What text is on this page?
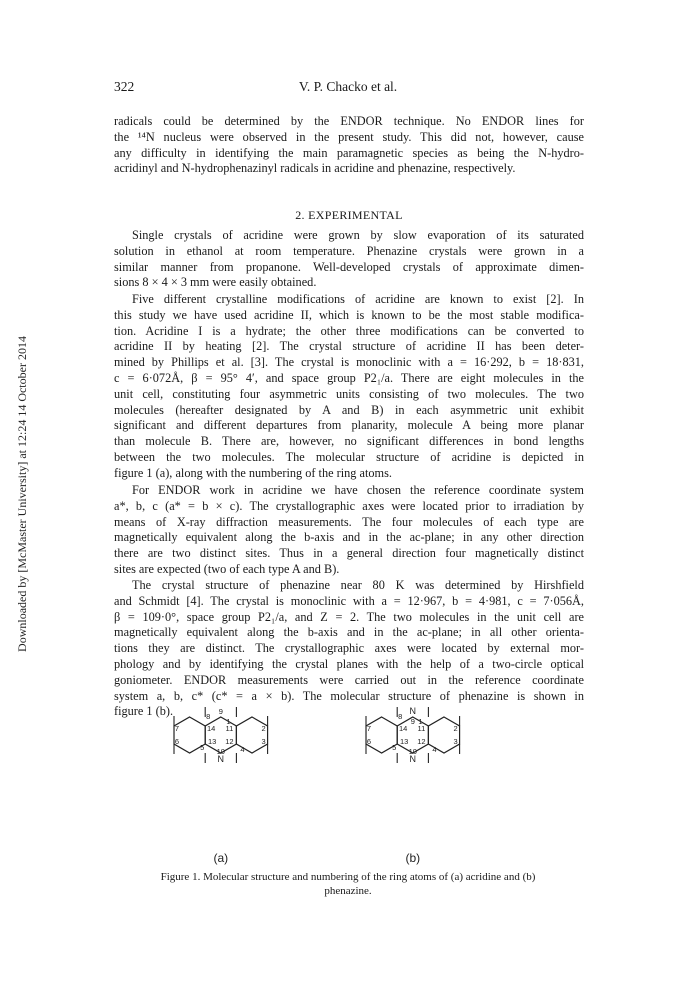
Downloaded by [McMaster University] at 12:24 14 October 2014
322	V. P. Chacko et al.
radicals could be determined by the ENDOR technique. No ENDOR lines for
the ¹⁴N nucleus were observed in the present study. This did not, however, cause
any difficulty in identifying the main paramagnetic species as being the N-hydro-
acridinyl and N-hydrophenazinyl radicals in acridine and phenazine, respectively.
2. EXPERIMENTAL
Single crystals of acridine were grown by slow evaporation of its saturated
solution in ethanol at room temperature. Phenazine crystals were grown in a
similar manner from propanone. Well-developed crystals of approximate dimen-
sions 8 × 4 × 3 mm were easily obtained.
Five different crystalline modifications of acridine are known to exist [2]. In
this study we have used acridine II, which is known to be the most stable modifica-
tion. Acridine I is a hydrate; the other three modifications can be converted to
acridine II by heating [2]. The crystal structure of acridine II has been deter-
mined by Phillips et al. [3]. The crystal is monoclinic with a = 16·292, b = 18·831,
c = 6·072Å, β = 95° 4′, and space group P2₁/a. There are eight molecules in the
unit cell, constituting four asymmetric units consisting of two molecules. The two
molecules (hereafter designated by A and B) in each asymmetric unit exhibit
significant and different departures from planarity, molecule A being more planar
than molecule B. There are, however, no significant differences in bond lengths
between the two molecules. The molecular structure of acridine is depicted in
figure 1 (a), along with the numbering of the ring atoms.
For ENDOR work in acridine we have chosen the reference coordinate system
a*, b, c (a* = b × c). The crystallographic axes were located prior to irradiation by
means of X-ray diffraction measurements. The four molecules of each type are
magnetically equivalent along the b-axis and in the ac-plane; in any other direction
there are two distinct sites. Thus in a general direction four magnetically distinct
sites are expected (two of each type A and B).
The crystal structure of phenazine near 80 K was determined by Hirshfield
and Schmidt [4]. The crystal is monoclinic with a = 12·967, b = 4·981, c = 7·056Å,
β = 109·0°, space group P2₁/a, and Z = 2. The two molecules in the unit cell are
magnetically equivalent along the b-axis and in the ac-plane; in all other orienta-
tions they are distinct. The crystallographic axes were located by external mor-
phology and by identifying the crystal planes with the help of a two-circle optical
goniometer. ENDOR measurements were carried out in the reference coordinate
system a, b, c* (c* = a × b). The molecular structure of phenazine is shown in
figure 1 (b).	8
9
1
7	14 11	2
6	13 12	3
5 10
N
4
(a)
8
N
9 1
7	14 11	2
6	13 12	3
5 10
N
4
(b)
Figure 1. Molecular structure and numbering of the ring atoms of (a) acridine and (b)
phenazine.
